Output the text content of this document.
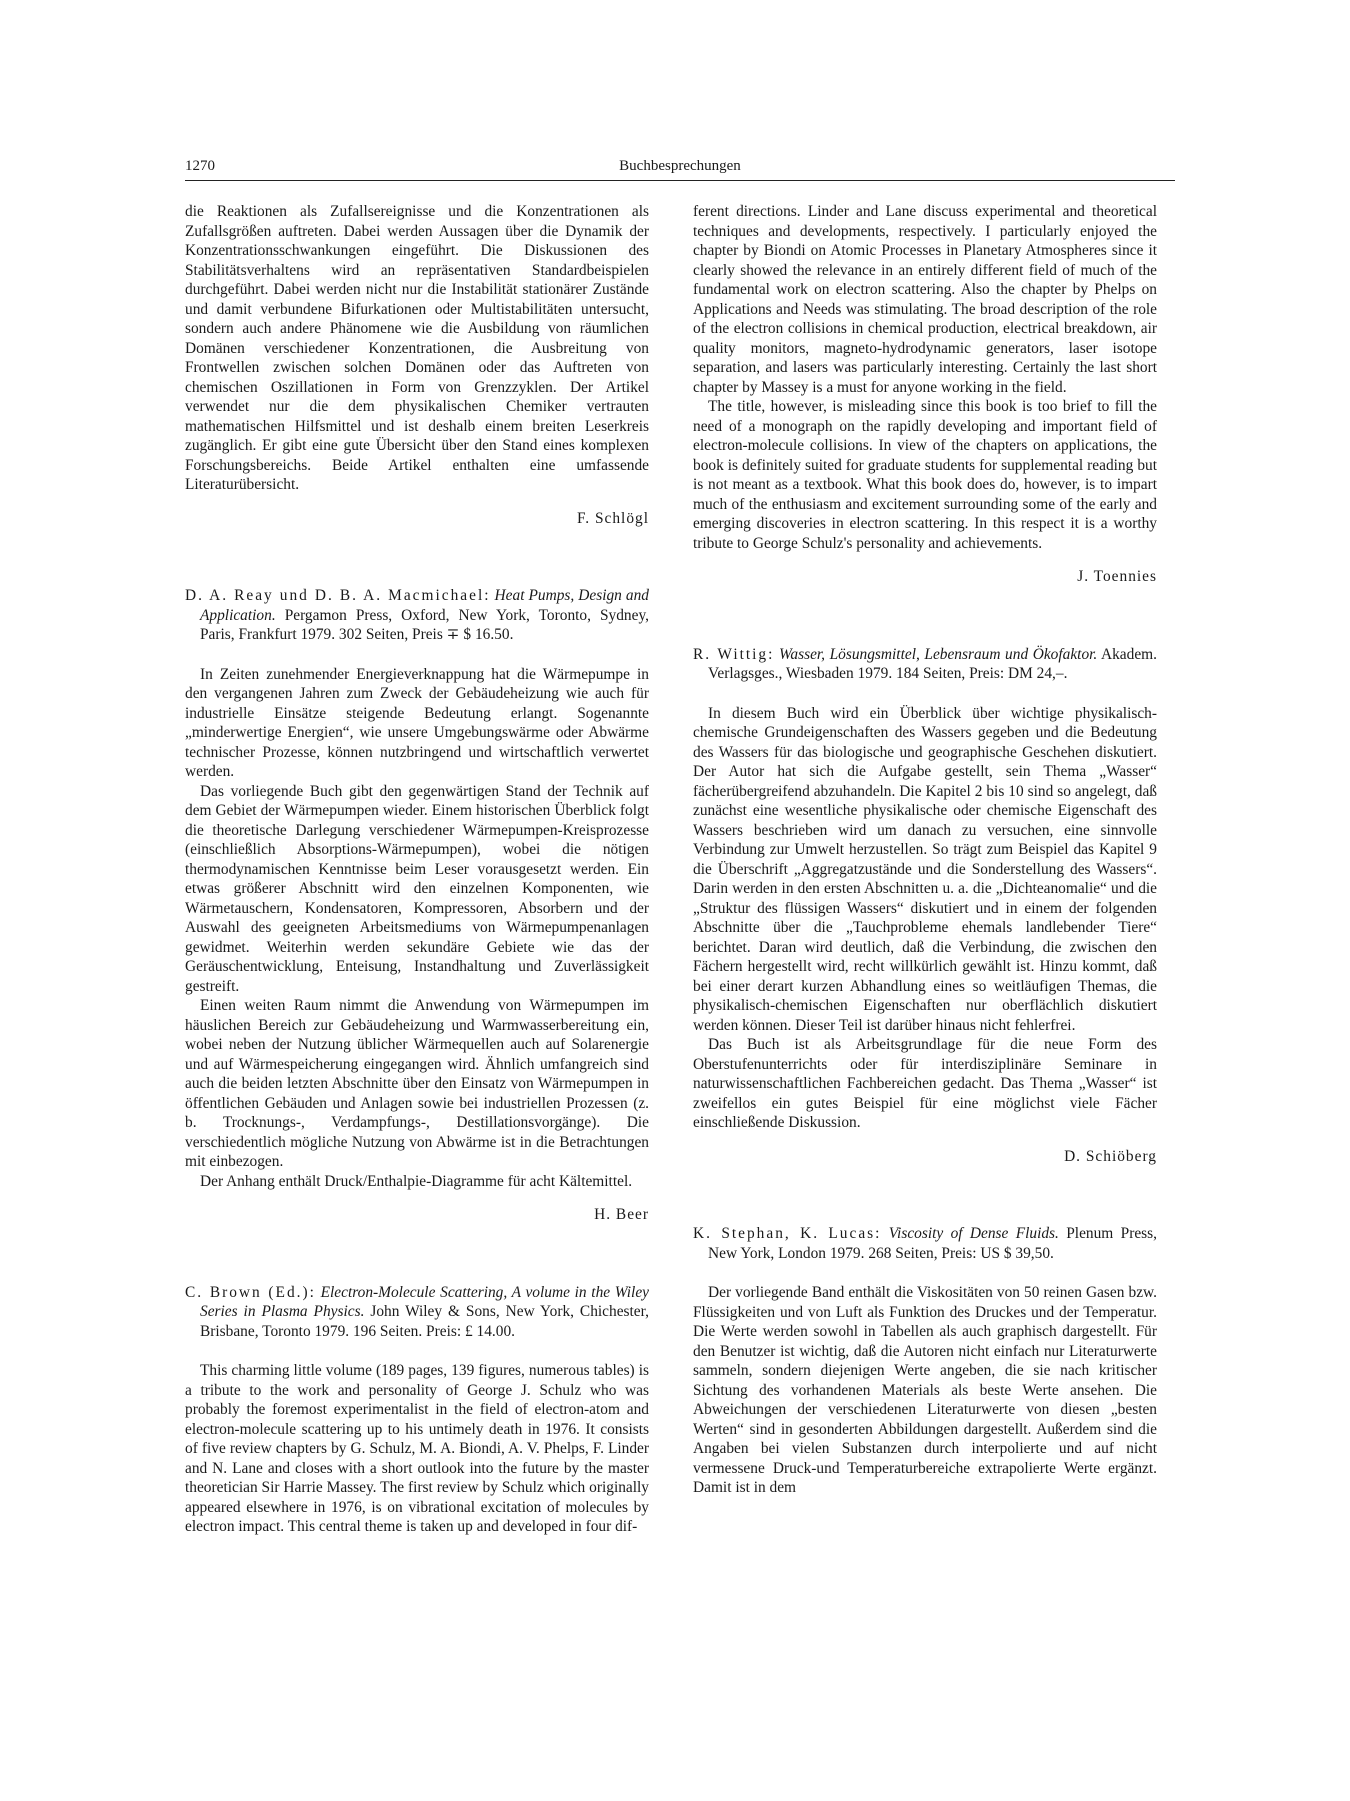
1270	Buchbesprechungen

die Reaktionen als Zufallsereignisse und die Konzentrationen als Zufallsgrößen auftreten. Dabei werden Aussagen über die Dynamik der Konzentrationsschwankungen eingeführt. Die Diskussionen des Stabilitätsverhaltens wird an repräsentativen Standardbeispielen durchgeführt. Dabei werden nicht nur die Instabilität stationärer Zustände und damit verbundene Bifurkationen oder Multistabilitäten untersucht, sondern auch andere Phänomene wie die Ausbildung von räumlichen Domänen verschiedener Konzentrationen, die Ausbreitung von Frontwellen zwischen solchen Domänen oder das Auftreten von chemischen Oszillationen in Form von Grenzzyklen. Der Artikel verwendet nur die dem physikalischen Chemiker vertrauten mathematischen Hilfsmittel und ist deshalb einem breiten Leserkreis zugänglich. Er gibt eine gute Übersicht über den Stand eines komplexen Forschungsbereichs. Beide Artikel enthalten eine umfassende Literaturübersicht.

F. Schlögl

D. A. Reay und D. B. A. Macmichael: Heat Pumps, Design and Application. Pergamon Press, Oxford, New York, Toronto, Sydney, Paris, Frankfurt 1979. 302 Seiten, Preis ∓ $ 16.50.

In Zeiten zunehmender Energieverknappung hat die Wärmepumpe in den vergangenen Jahren zum Zweck der Gebäudeheizung wie auch für industrielle Einsätze steigende Bedeutung erlangt. Sogenannte „minderwertige Energien“, wie unsere Umgebungswärme oder Abwärme technischer Prozesse, können nutzbringend und wirtschaftlich verwertet werden.

Das vorliegende Buch gibt den gegenwärtigen Stand der Technik auf dem Gebiet der Wärmepumpen wieder. Einem historischen Überblick folgt die theoretische Darlegung verschiedener Wärmepumpen-Kreisprozesse (einschließlich Absorptions-Wärmepumpen), wobei die nötigen thermodynamischen Kenntnisse beim Leser vorausgesetzt werden. Ein etwas größerer Abschnitt wird den einzelnen Komponenten, wie Wärmetauschern, Kondensatoren, Kompressoren, Absorbern und der Auswahl des geeigneten Arbeitsmediums von Wärmepumpenanlagen gewidmet. Weiterhin werden sekundäre Gebiete wie das der Geräuschentwicklung, Enteisung, Instandhaltung und Zuverlässigkeit gestreift.

Einen weiten Raum nimmt die Anwendung von Wärmepumpen im häuslichen Bereich zur Gebäudeheizung und Warmwasserbereitung ein, wobei neben der Nutzung üblicher Wärmequellen auch auf Solarenergie und auf Wärmespeicherung eingegangen wird. Ähnlich umfangreich sind auch die beiden letzten Abschnitte über den Einsatz von Wärmepumpen in öffentlichen Gebäuden und Anlagen sowie bei industriellen Prozessen (z. b. Trocknungs-, Verdampfungs-, Destillationsvorgänge). Die verschiedentlich mögliche Nutzung von Abwärme ist in die Betrachtungen mit einbezogen.

Der Anhang enthält Druck/Enthalpie-Diagramme für acht Kältemittel.

H. Beer

C. Brown (Ed.): Electron-Molecule Scattering, A volume in the Wiley Series in Plasma Physics. John Wiley & Sons, New York, Chichester, Brisbane, Toronto 1979. 196 Seiten. Preis: £ 14.00.

This charming little volume (189 pages, 139 figures, numerous tables) is a tribute to the work and personality of George J. Schulz who was probably the foremost experimentalist in the field of electron-atom and electron-molecule scattering up to his untimely death in 1976. It consists of five review chapters by G. Schulz, M. A. Biondi, A. V. Phelps, F. Linder and N. Lane and closes with a short outlook into the future by the master theoretician Sir Harrie Massey. The first review by Schulz which originally appeared elsewhere in 1976, is on vibrational excitation of molecules by electron impact. This central theme is taken up and developed in four dif-

ferent directions. Linder and Lane discuss experimental and theoretical techniques and developments, respectively. I particularly enjoyed the chapter by Biondi on Atomic Processes in Planetary Atmospheres since it clearly showed the relevance in an entirely different field of much of the fundamental work on electron scattering. Also the chapter by Phelps on Applications and Needs was stimulating. The broad description of the role of the electron collisions in chemical production, electrical breakdown, air quality monitors, magneto-hydrodynamic generators, laser isotope separation, and lasers was particularly interesting. Certainly the last short chapter by Massey is a must for anyone working in the field.

The title, however, is misleading since this book is too brief to fill the need of a monograph on the rapidly developing and important field of electron-molecule collisions. In view of the chapters on applications, the book is definitely suited for graduate students for supplemental reading but is not meant as a textbook. What this book does do, however, is to impart much of the enthusiasm and excitement surrounding some of the early and emerging discoveries in electron scattering. In this respect it is a worthy tribute to George Schulz's personality and achievements.

J. Toennies

R. Wittig: Wasser, Lösungsmittel, Lebensraum und Ökofaktor. Akadem. Verlagsges., Wiesbaden 1979. 184 Seiten, Preis: DM 24,–.

In diesem Buch wird ein Überblick über wichtige physikalisch-chemische Grundeigenschaften des Wassers gegeben und die Bedeutung des Wassers für das biologische und geographische Geschehen diskutiert. Der Autor hat sich die Aufgabe gestellt, sein Thema „Wasser“ fächerübergreifend abzuhandeln. Die Kapitel 2 bis 10 sind so angelegt, daß zunächst eine wesentliche physikalische oder chemische Eigenschaft des Wassers beschrieben wird um danach zu versuchen, eine sinnvolle Verbindung zur Umwelt herzustellen. So trägt zum Beispiel das Kapitel 9 die Überschrift „Aggregatzustände und die Sonderstellung des Wassers“. Darin werden in den ersten Abschnitten u. a. die „Dichteanomalie“ und die „Struktur des flüssigen Wassers“ diskutiert und in einem der folgenden Abschnitte über die „Tauchprobleme ehemals landlebender Tiere“ berichtet. Daran wird deutlich, daß die Verbindung, die zwischen den Fächern hergestellt wird, recht willkürlich gewählt ist. Hinzu kommt, daß bei einer derart kurzen Abhandlung eines so weitläufigen Themas, die physikalisch-chemischen Eigenschaften nur oberflächlich diskutiert werden können. Dieser Teil ist darüber hinaus nicht fehlerfrei.

Das Buch ist als Arbeitsgrundlage für die neue Form des Oberstufenunterrichts oder für interdisziplinäre Seminare in naturwissenschaftlichen Fachbereichen gedacht. Das Thema „Wasser“ ist zweifellos ein gutes Beispiel für eine möglichst viele Fächer einschließende Diskussion.

D. Schiöberg

K. Stephan, K. Lucas: Viscosity of Dense Fluids. Plenum Press, New York, London 1979. 268 Seiten, Preis: US $ 39,50.

Der vorliegende Band enthält die Viskositäten von 50 reinen Gasen bzw. Flüssigkeiten und von Luft als Funktion des Druckes und der Temperatur. Die Werte werden sowohl in Tabellen als auch graphisch dargestellt. Für den Benutzer ist wichtig, daß die Autoren nicht einfach nur Literaturwerte sammeln, sondern diejenigen Werte angeben, die sie nach kritischer Sichtung des vorhandenen Materials als beste Werte ansehen. Die Abweichungen der verschiedenen Literaturwerte von diesen „besten Werten“ sind in gesonderten Abbildungen dargestellt. Außerdem sind die Angaben bei vielen Substanzen durch interpolierte und auf nicht vermessene Druck-und Temperaturbereiche extrapolierte Werte ergänzt. Damit ist in dem
